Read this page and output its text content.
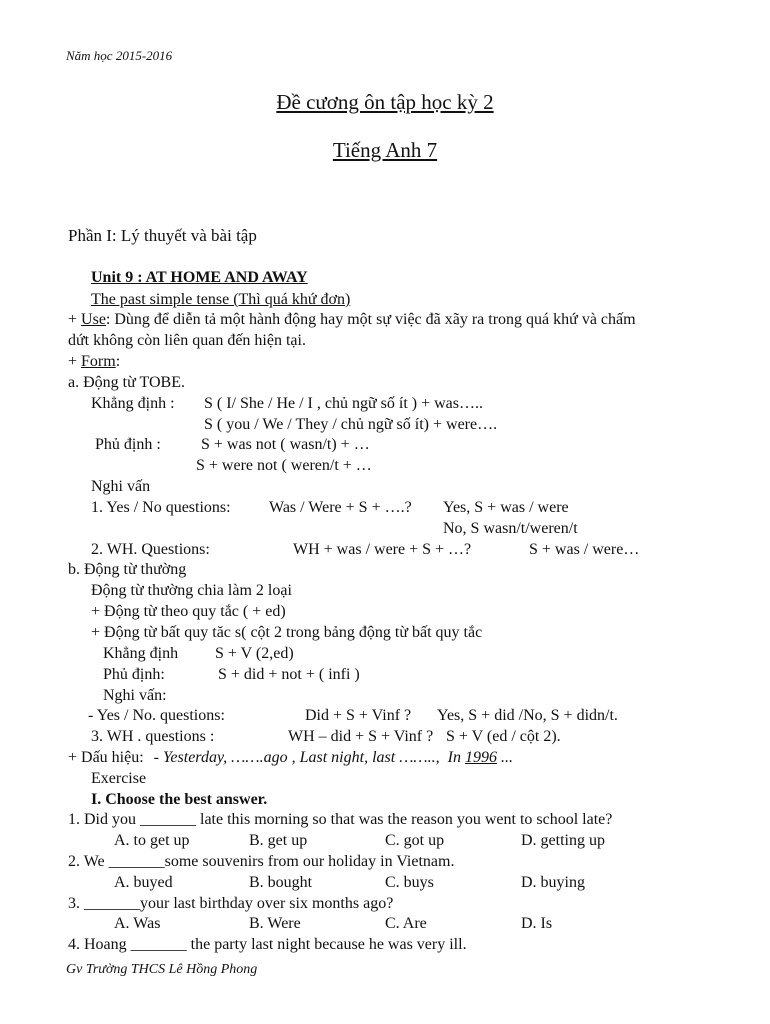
Năm học 2015-2016
Đề cương ôn tập học kỳ 2
Tiếng Anh 7
Phần I: Lý thuyết và bài tập
Unit 9 : AT HOME AND AWAY
The past simple tense (Thì quá khứ đơn)
+ Use: Dùng để diễn tả một hành động hay một sự việc đã xãy ra trong quá khứ và chấm
dứt không còn liên quan đến hiện tại.
+ Form:
a. Động từ TOBE.
Khẳng định : S ( I/ She / He / I , chủ ngữ số ít ) + was…..
S ( you / We / They / chủ ngữ số ít) + were….
Phủ định :	S + was not ( wasn/t) + …
S + were not ( weren/t + …
Nghi vấn
1. Yes / No questions: Was / Were + S + ….? Yes, S + was / were
No, S wasn/t/weren/t
2. WH. Questions:	WH + was / were + S + …?	S + was / were…
b. Động từ thường
Động từ thường chia làm 2 loại
+ Động từ theo quy tắc ( + ed)
+ Động từ bất quy tăc s( cột 2 trong bảng động từ bất quy tắc
Khẳng định S + V (2,ed)
Phủ định:	S + did + not + ( infi )
Nghi vấn:
- Yes / No. questions:	Did + S + Vinf ? Yes, S + did /No, S + didn/t.
3. WH . questions :	WH – did + S + Vinf ? S + V (ed / cột 2).
+ Dấu hiệu: - Yesterday, …….ago , Last night, last …….., In 1996 ...
Exercise
I. Choose the best answer.
1. Did you _______ late this morning so that was the reason you went to school late?
A. to get up	B. get up	C. got up	D. getting up
2. We _______some souvenirs from our holiday in Vietnam.
A. buyed	B. bought	C. buys	D. buying
3. _______your last birthday over six months ago?
A. Was	B. Were	C. Are	D. Is
4. Hoang _______ the party last night because he was very ill.
Gv Trường THCS Lê Hồng Phong
